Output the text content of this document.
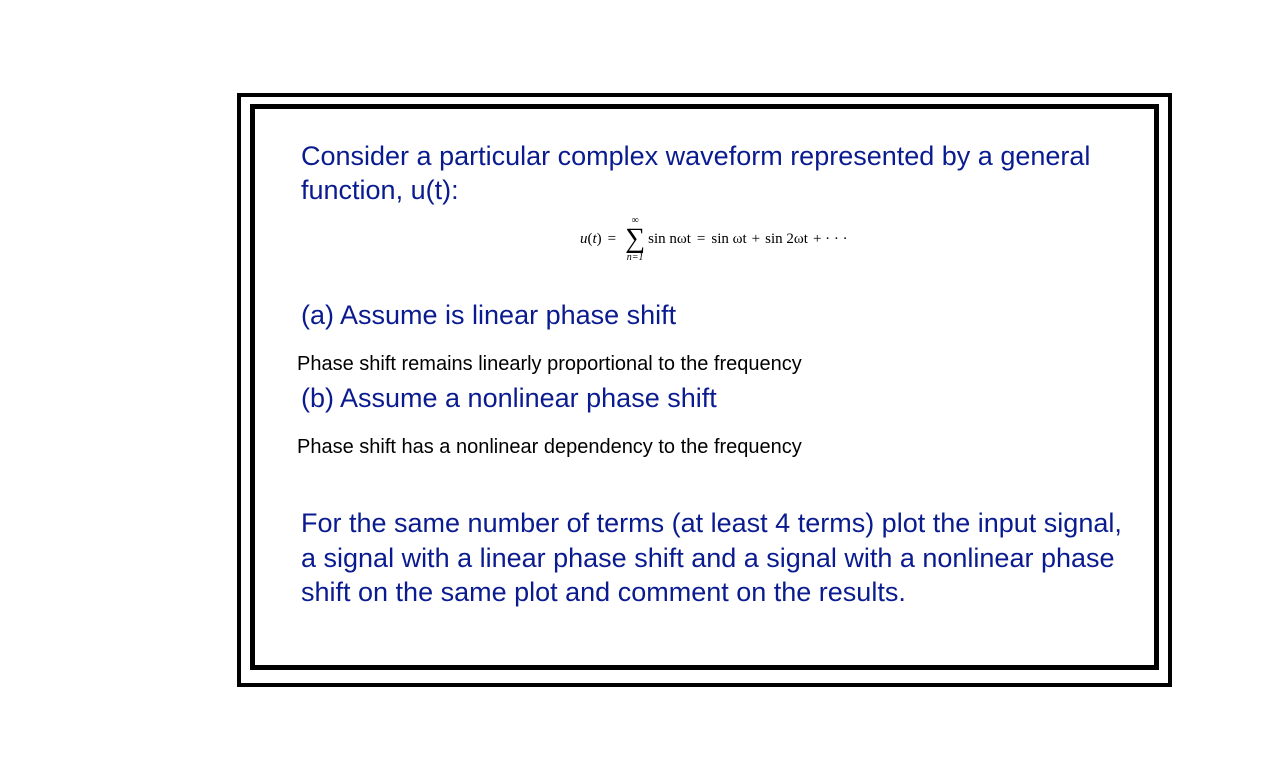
Consider a particular complex waveform represented by a general function, u(t):

u ( t ) =
∞
∑
n=1
sin nωt = sin ωt + sin 2ωt + · · ·

(a) Assume is linear phase shift

Phase shift remains linearly proportional to the frequency

(b) Assume a nonlinear phase shift

Phase shift has a nonlinear dependency to the frequency

For the same number of terms (at least 4 terms) plot the input signal, a signal with a linear phase shift and a signal with a nonlinear phase shift on the same plot and comment on the results.
